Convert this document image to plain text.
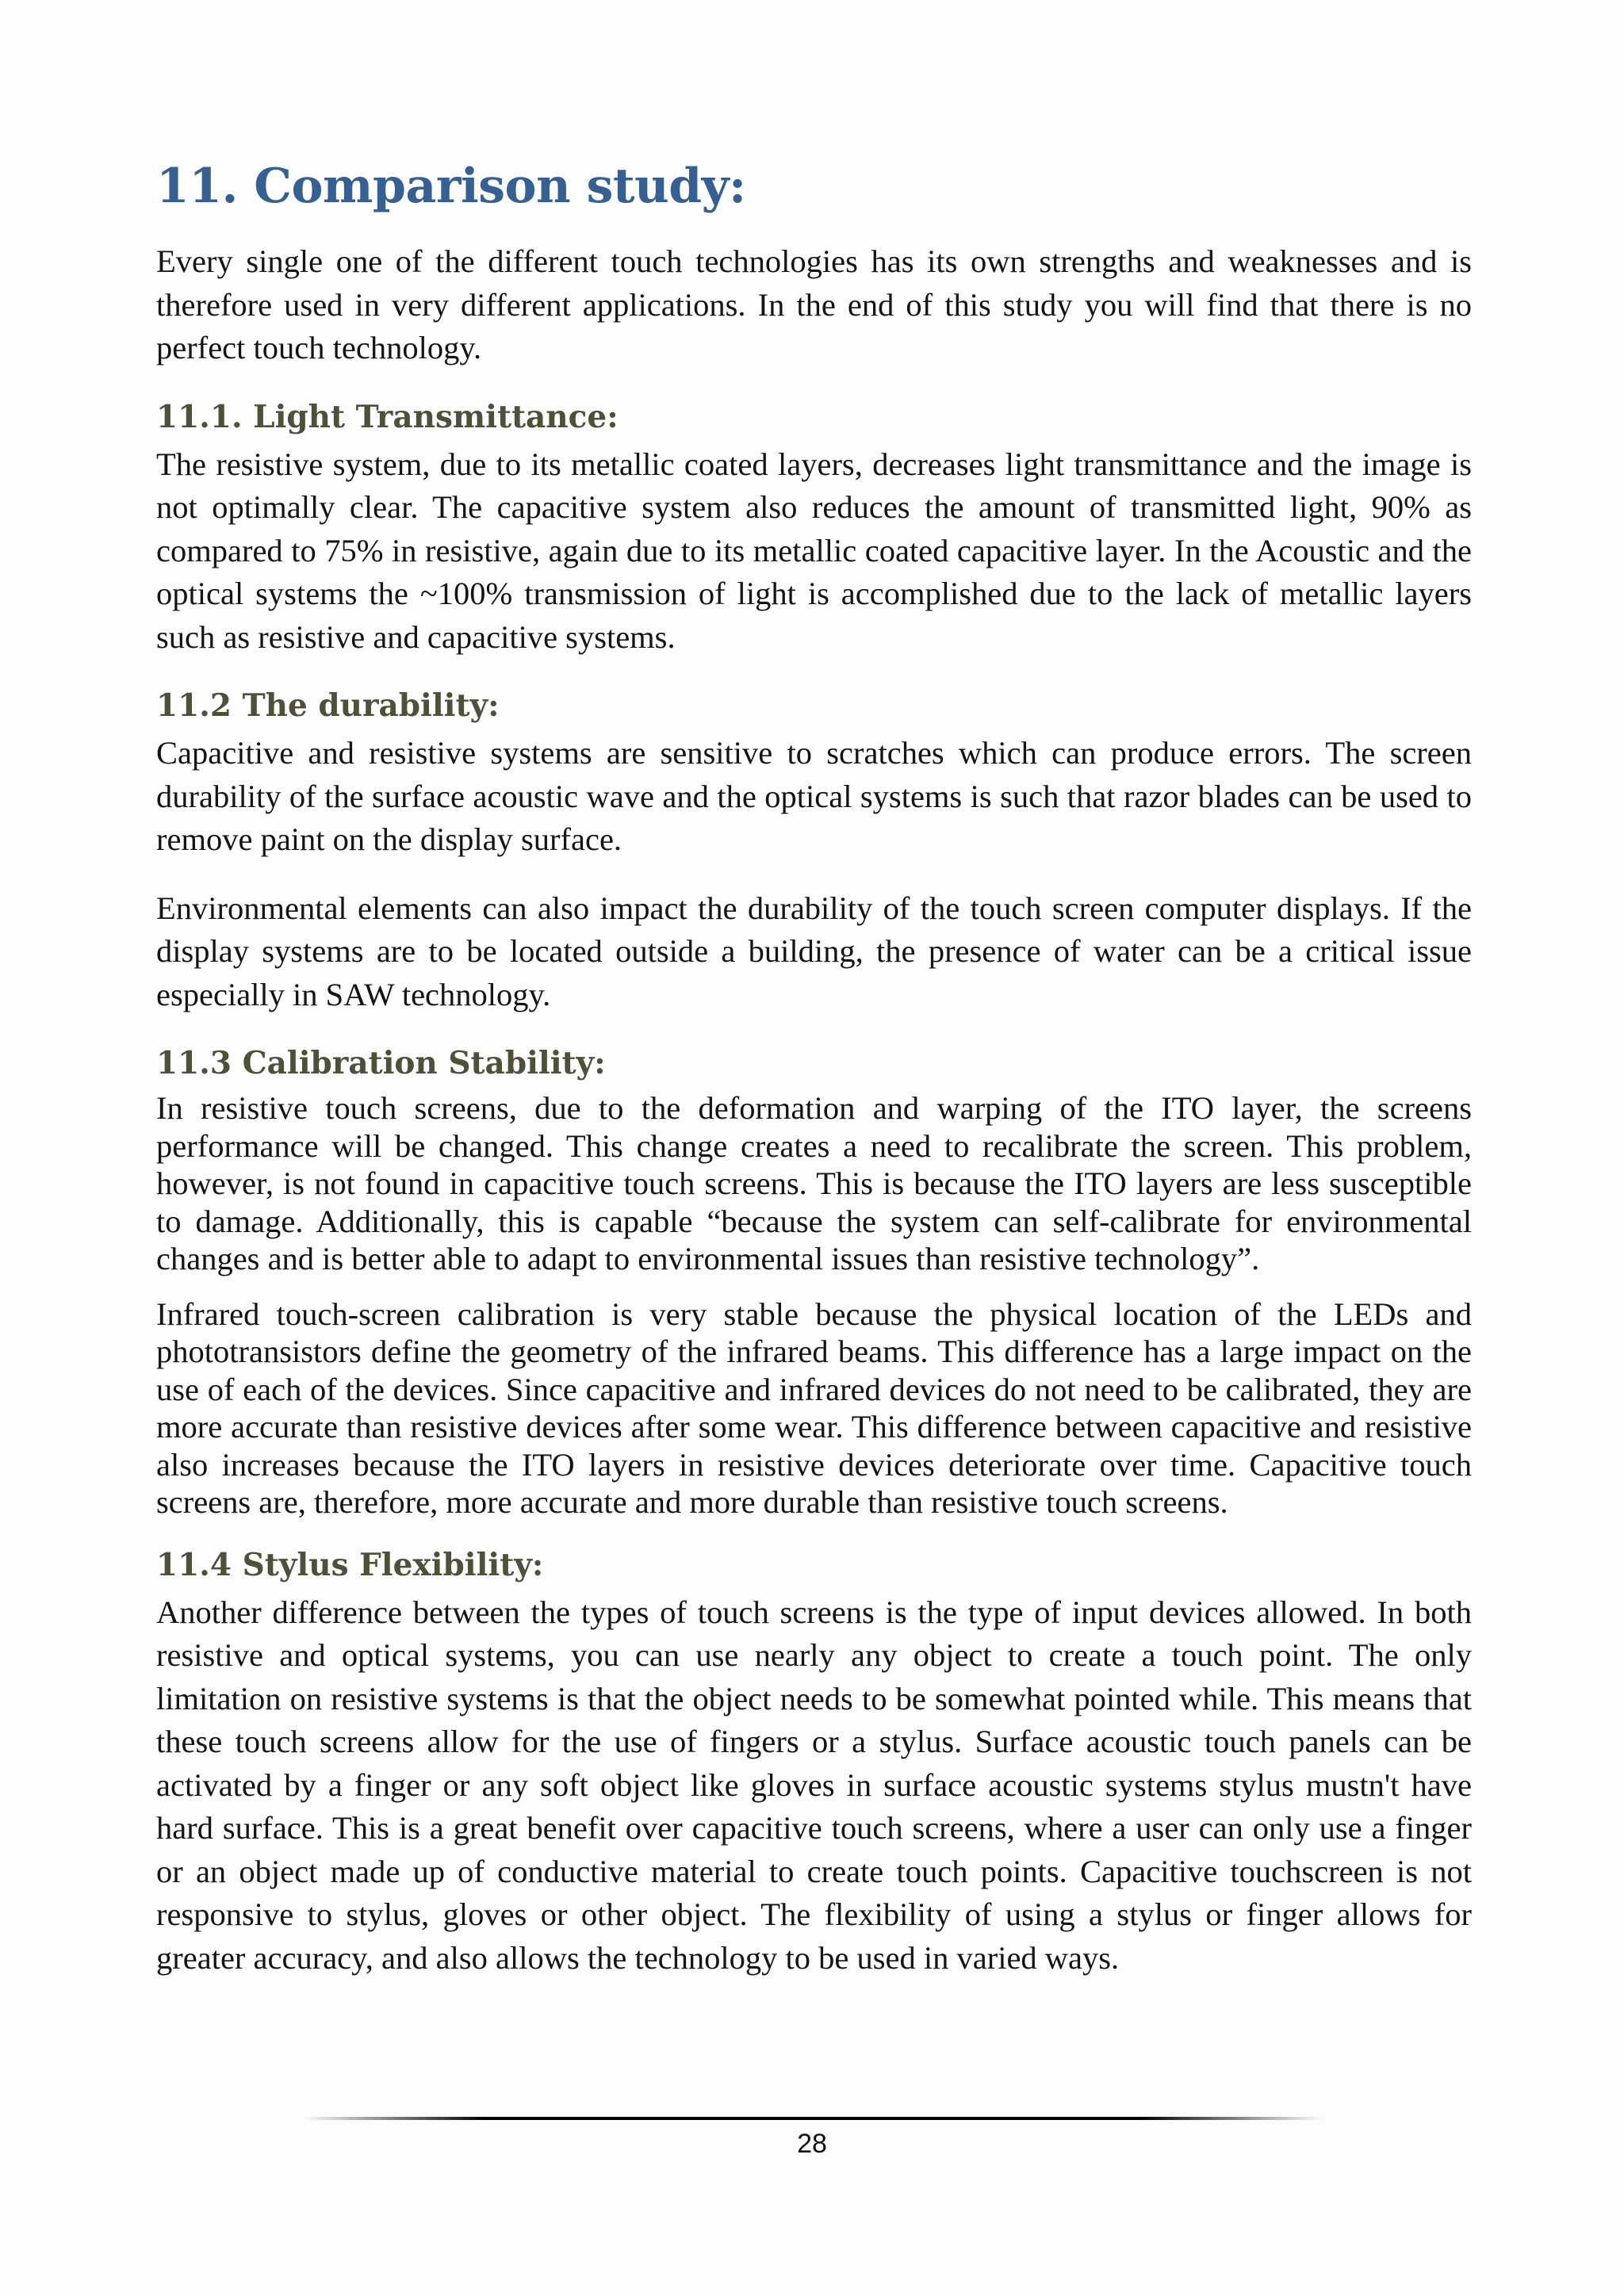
11. Comparison study:

Every single one of the different touch technologies has its own strengths and weaknesses and is therefore used in very different applications. In the end of this study you will find that there is no perfect touch technology.

11.1. Light Transmittance:

The resistive system, due to its metallic coated layers, decreases light transmittance and the image is not optimally clear. The capacitive system also reduces the amount of transmitted light, 90% as compared to 75% in resistive, again due to its metallic coated capacitive layer. In the Acoustic and the optical systems the ~100% transmission of light is accomplished due to the lack of metallic layers such as resistive and capacitive systems.

11.2 The durability:

Capacitive and resistive systems are sensitive to scratches which can produce errors. The screen durability of the surface acoustic wave and the optical systems is such that razor blades can be used to remove paint on the display surface.

Environmental elements can also impact the durability of the touch screen computer displays. If the display systems are to be located outside a building, the presence of water can be a critical issue especially in SAW technology.

11.3 Calibration Stability:

In resistive touch screens, due to the deformation and warping of the ITO layer, the screens performance will be changed. This change creates a need to recalibrate the screen. This problem, however, is not found in capacitive touch screens. This is because the ITO layers are less susceptible to damage. Additionally, this is capable “because the system can self-calibrate for environmental changes and is better able to adapt to environmental issues than resistive technology”.

Infrared touch-screen calibration is very stable because the physical location of the LEDs and phototransistors define the geometry of the infrared beams. This difference has a large impact on the use of each of the devices. Since capacitive and infrared devices do not need to be calibrated, they are more accurate than resistive devices after some wear. This difference between capacitive and resistive also increases because the ITO layers in resistive devices deteriorate over time. Capacitive touch screens are, therefore, more accurate and more durable than resistive touch screens.

11.4 Stylus Flexibility:

Another difference between the types of touch screens is the type of input devices allowed. In both resistive and optical systems, you can use nearly any object to create a touch point. The only limitation on resistive systems is that the object needs to be somewhat pointed while. This means that these touch screens allow for the use of fingers or a stylus. Surface acoustic touch panels can be activated by a finger or any soft object like gloves in surface acoustic systems stylus mustn't have hard surface. This is a great benefit over capacitive touch screens, where a user can only use a finger or an object made up of conductive material to create touch points. Capacitive touchscreen is not responsive to stylus, gloves or other object. The flexibility of using a stylus or finger allows for greater accuracy, and also allows the technology to be used in varied ways.

28
